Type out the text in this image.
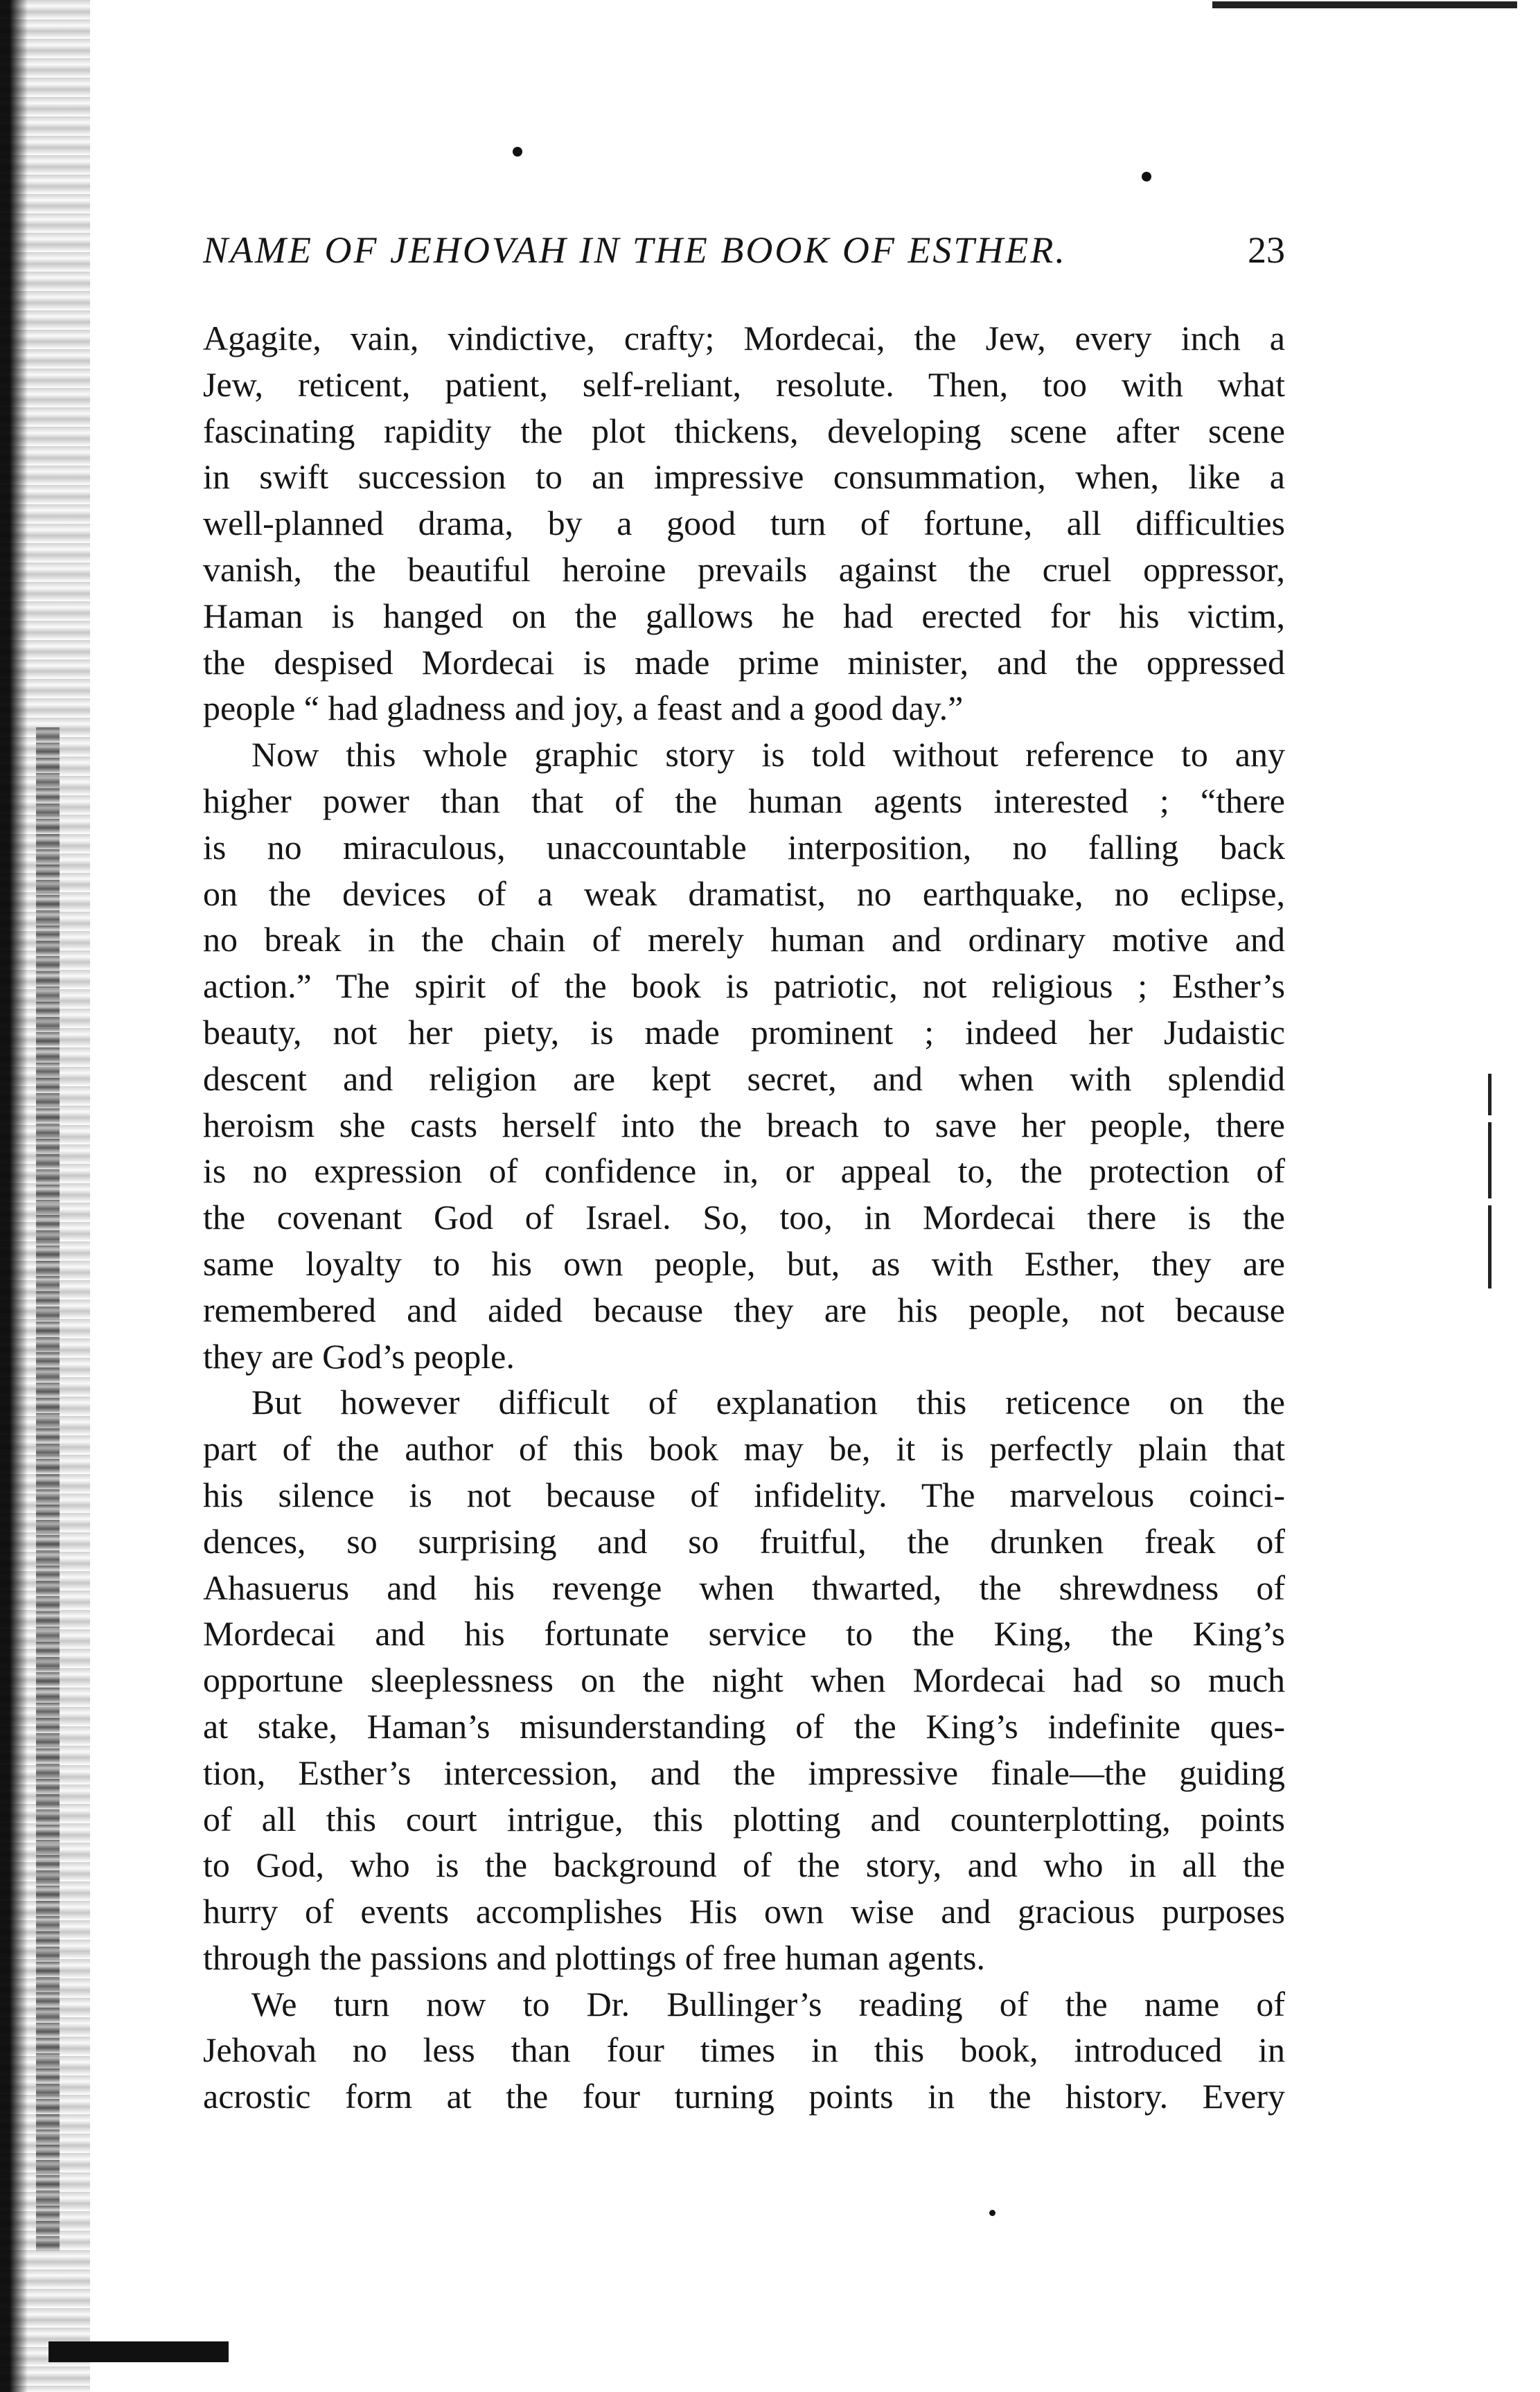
NAME OF JEHOVAH IN THE BOOK OF ESTHER.	23
Agagite, vain, vindictive, crafty; Mordecai, the Jew, every inch a
Jew, reticent, patient, self-reliant, resolute. Then, too with what
fascinating rapidity the plot thickens, developing scene after scene
in swift succession to an impressive consummation, when, like a
well-planned drama, by a good turn of fortune, all difficulties
vanish, the beautiful heroine prevails against the cruel oppressor,
Haman is hanged on the gallows he had erected for his victim,
the despised Mordecai is made prime minister, and the oppressed
people “ had gladness and joy, a feast and a good day.”
Now this whole graphic story is told without reference to any
higher power than that of the human agents interested ; “there
is no miraculous, unaccountable interposition, no falling back
on the devices of a weak dramatist, no earthquake, no eclipse,
no break in the chain of merely human and ordinary motive and
action.” The spirit of the book is patriotic, not religious ; Esther’s
beauty, not her piety, is made prominent ; indeed her Judaistic
descent and religion are kept secret, and when with splendid
heroism she casts herself into the breach to save her people, there
is no expression of confidence in, or appeal to, the protection of
the covenant God of Israel. So, too, in Mordecai there is the
same loyalty to his own people, but, as with Esther, they are
remembered and aided because they are his people, not because
they are God’s people.
But however difficult of explanation this reticence on the
part of the author of this book may be, it is perfectly plain that
his silence is not because of infidelity. The marvelous coinci-
dences, so surprising and so fruitful, the drunken freak of
Ahasuerus and his revenge when thwarted, the shrewdness of
Mordecai and his fortunate service to the King, the King’s
opportune sleeplessness on the night when Mordecai had so much
at stake, Haman’s misunderstanding of the King’s indefinite ques-
tion, Esther’s intercession, and the impressive finale—the guiding
of all this court intrigue, this plotting and counterplotting, points
to God, who is the background of the story, and who in all the
hurry of events accomplishes His own wise and gracious purposes
through the passions and plottings of free human agents.
We turn now to Dr. Bullinger’s reading of the name of
Jehovah no less than four times in this book, introduced in
acrostic form at the four turning points in the history. Every
